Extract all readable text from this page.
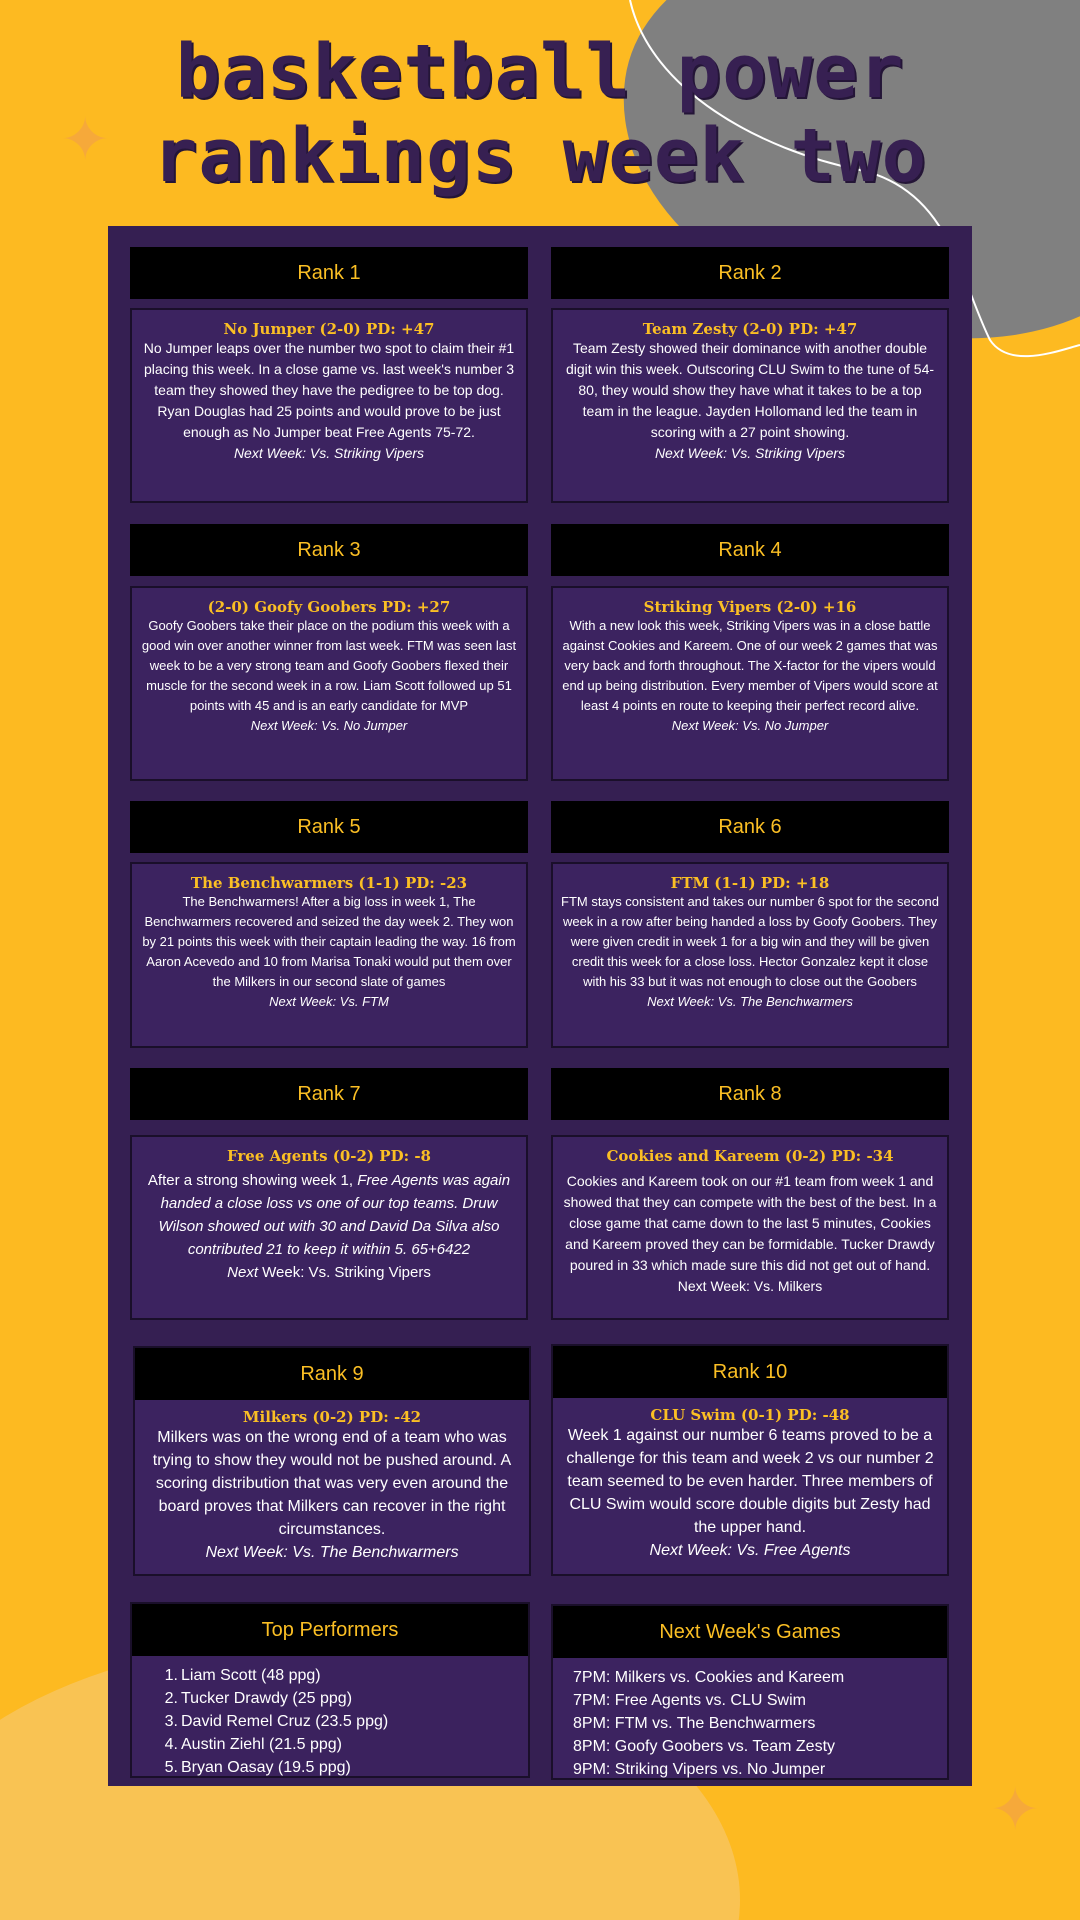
✦
✦
basketball power rankings week two
Rank 1
No Jumper (2-0) PD: +47
No Jumper leaps over the number two spot to claim their #1 placing this week. In a close game vs. last week's number 3 team they showed they have the pedigree to be top dog. Ryan Douglas had 25 points and would prove to be just enough as No Jumper beat Free Agents 75-72.
Next Week: Vs. Striking Vipers
Rank 2
Team Zesty (2-0) PD: +47
Team Zesty showed their dominance with another double digit win this week. Outscoring CLU Swim to the tune of 54-80, they would show they have what it takes to be a top team in the league. Jayden Hollomand led the team in scoring with a 27 point showing.
Next Week: Vs. Striking Vipers
Rank 3
(2-0) Goofy Goobers PD: +27
Goofy Goobers take their place on the podium this week with a good win over another winner from last week. FTM was seen last week to be a very strong team and Goofy Goobers flexed their muscle for the second week in a row. Liam Scott followed up 51 points with 45 and is an early candidate for MVP
Next Week: Vs. No Jumper
Rank 4
Striking Vipers (2-0) +16
With a new look this week, Striking Vipers was in a close battle against Cookies and Kareem. One of our week 2 games that was very back and forth throughout. The X-factor for the vipers would end up being distribution. Every member of Vipers would score at least 4 points en route to keeping their perfect record alive.
Next Week: Vs. No Jumper
Rank 5
The Benchwarmers (1-1) PD: -23
The Benchwarmers! After a big loss in week 1, The Benchwarmers recovered and seized the day week 2. They won by 21 points this week with their captain leading the way. 16 from Aaron Acevedo and 10 from Marisa Tonaki would put them over the Milkers in our second slate of games
Next Week: Vs. FTM
Rank 6
FTM (1-1) PD: +18
FTM stays consistent and takes our number 6 spot for the second week in a row after being handed a loss by Goofy Goobers. They were given credit in week 1 for a big win and they will be given credit this week for a close loss. Hector Gonzalez kept it close with his 33 but it was not enough to close out the Goobers
Next Week: Vs. The Benchwarmers
Rank 7
Free Agents (0-2) PD: -8
After a strong showing week 1, Free Agents was again handed a close loss vs one of our top teams. Druw Wilson showed out with 30 and David Da Silva also contributed 21 to keep it within 5. 65+6422
Next Week: Vs. Striking Vipers
Rank 8
Cookies and Kareem (0-2) PD: -34
Cookies and Kareem took on our #1 team from week 1 and showed that they can compete with the best of the best. In a close game that came down to the last 5 minutes, Cookies and Kareem proved they can be formidable. Tucker Drawdy poured in 33 which made sure this did not get out of hand.
Next Week: Vs. Milkers
Rank 9
Milkers (0-2) PD: -42
Milkers was on the wrong end of a team who was trying to show they would not be pushed around. A scoring distribution that was very even around the board proves that Milkers can recover in the right circumstances.
Next Week: Vs. The Benchwarmers
Rank 10
CLU Swim (0-1) PD: -48
Week 1 against our number 6 teams proved to be a challenge for this team and week 2 vs our number 2 team seemed to be even harder. Three members of CLU Swim would score double digits but Zesty had the upper hand.
Next Week: Vs. Free Agents
Top Performers
1. Liam Scott (48 ppg)
2. Tucker Drawdy (25 ppg)
3. David Remel Cruz (23.5 ppg)
4. Austin Ziehl (21.5 ppg)
5. Bryan Oasay (19.5 ppg)
Next Week's Games
7PM: Milkers vs. Cookies and Kareem
7PM: Free Agents vs. CLU Swim
8PM: FTM vs. The Benchwarmers
8PM: Goofy Goobers vs. Team Zesty
9PM: Striking Vipers vs. No Jumper
